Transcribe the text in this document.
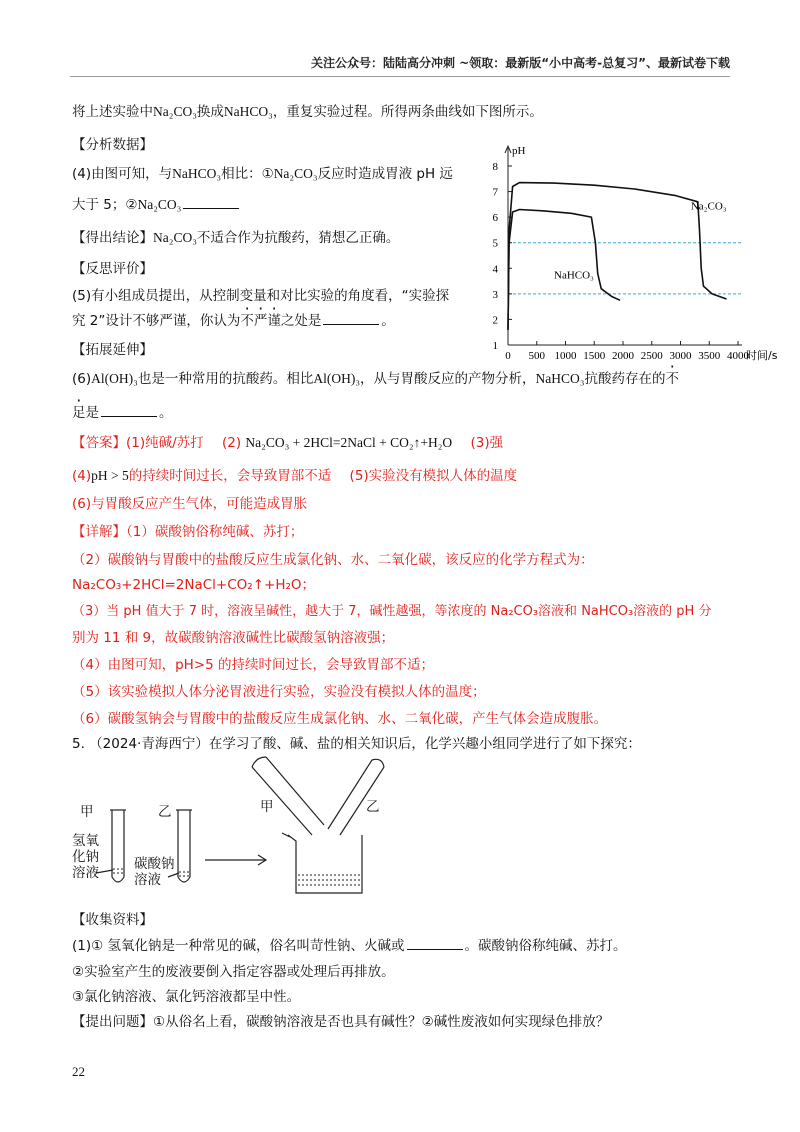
关注公众号：陆陆高分冲刺 ~领取：最新版“小中高考-总复习”、最新试卷下载
将上述实验中Na₂CO₃换成NaHCO₃，重复实验过程。所得两条曲线如下图所示。
【分析数据】
(4)由图可知，与NaHCO₃相比：①Na₂CO₃反应时造成胃液 pH 远
大于 5；②Na₂CO₃
【得出结论】Na₂CO₃不适合作为抗酸药，猜想乙正确。
【反思评价】
(5)有小组成员提出，从控制变量和对比实验的角度看，“实验探
究 2”设计不够严谨，你认为不严谨之处是	。
【拓展延伸】
(6)Al(OH)₃也是一种常用的抗酸药。相比Al(OH)₃，从与胃酸反应的产物分析，NaHCO₃抗酸药存在的不
足是	。
【答案】(1)纯碱/苏打 (2) Na₂CO₃ + 2HCl=2NaCl + CO₂↑+H₂O (3)强
(4)pH > 5的持续时间过长，会导致胃部不适 (5)实验没有模拟人体的温度
(6)与胃酸反应产生气体，可能造成胃胀
【详解】（1）碳酸钠俗称纯碱、苏打；
（2）碳酸钠与胃酸中的盐酸反应生成氯化钠、水、二氧化碳，该反应的化学方程式为：
Na₂CO₃+2HCl=2NaCl+CO₂↑+H₂O；
（3）当 pH 值大于 7 时，溶液呈碱性，越大于 7，碱性越强，等浓度的 Na₂CO₃溶液和 NaHCO₃溶液的 pH 分
别为 11 和 9，故碳酸钠溶液碱性比碳酸氢钠溶液强；
（4）由图可知，pH>5 的持续时间过长，会导致胃部不适；
（5）该实验模拟人体分泌胃液进行实验，实验没有模拟人体的温度；
（6）碳酸氢钠会与胃酸中的盐酸反应生成氯化钠、水、二氧化碳，产生气体会造成腹胀。
5. （2024·青海西宁）在学习了酸、碱、盐的相关知识后，化学兴趣小组同学进行了如下探究：
甲	乙
氢氧
化钠
溶液
碳酸钠
溶液
甲	乙
【收集资料】
(1)① 氢氧化钠是一种常见的碱，俗名叫苛性钠、火碱或	。碳酸钠俗称纯碱、苏打。
②实验室产生的废液要倒入指定容器或处理后再排放。
③氯化钠溶液、氯化钙溶液都呈中性。
【提出问题】①从俗名上看，碳酸钠溶液是否也具有碱性？②碱性废液如何实现绿色排放？
22
1
2
3
4
5
6
7
8
0 500 1000 1500 2000 2500 3000 3500 4000
pH
时间/s
Na₂CO₃
NaHCO₃
